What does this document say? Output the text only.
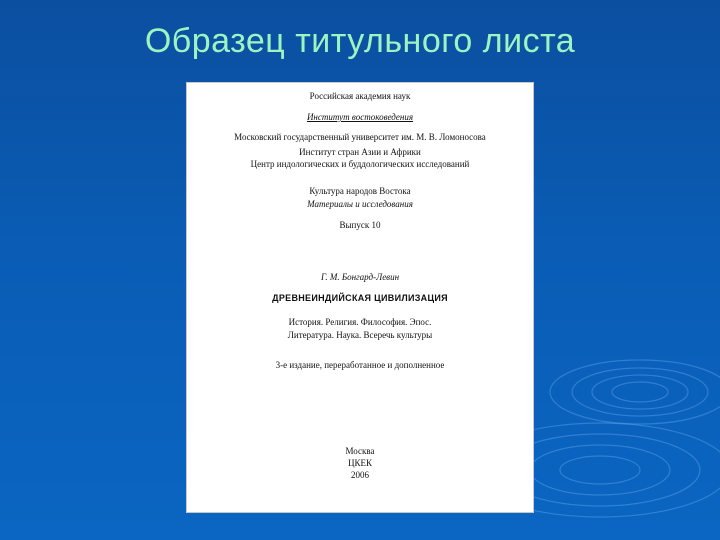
Образец титульного листа
Российская академия наук
Институт востоковедения
Московский государственный университет им. М. В. Ломоносова
Институт стран Азии и Африки
Центр индологических и буддологических исследований
Культура народов Востока
Материалы и исследования
Выпуск 10
Г. М. Бонгард-Левин
ДРЕВНЕИНДИЙСКАЯ ЦИВИЛИЗАЦИЯ
История. Религия. Философия. Эпос.
Литература. Наука. Всеречь культуры
3-е издание, переработанное и дополненное
Москва
ЦКЕК
2006
